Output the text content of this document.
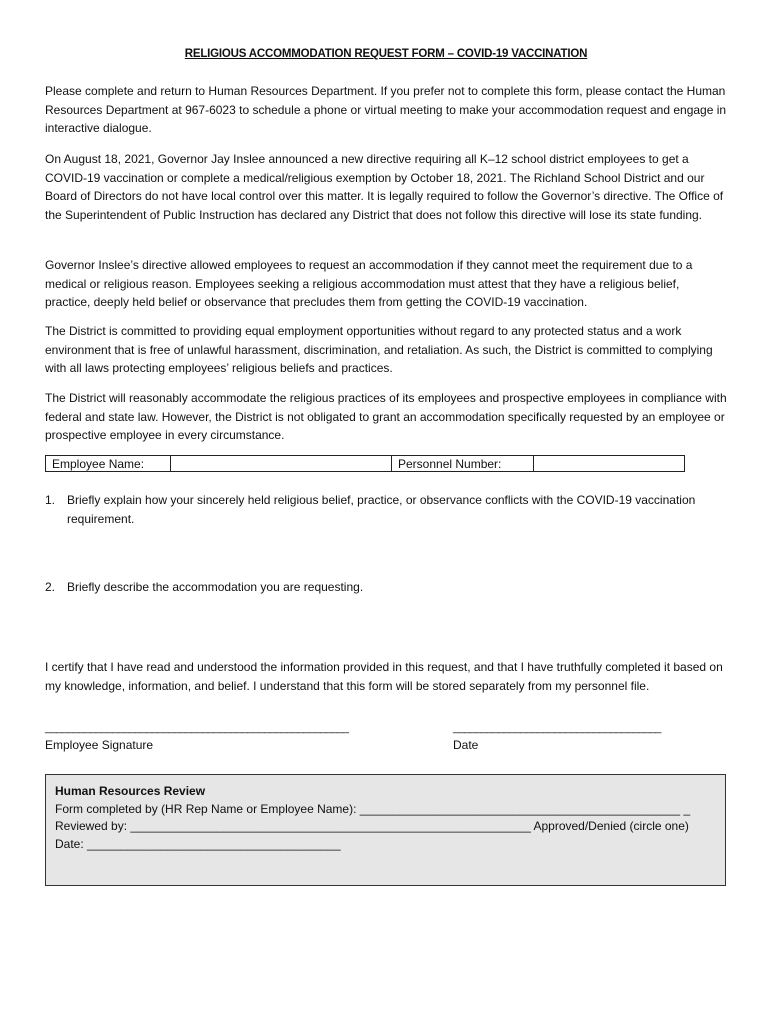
RELIGIOUS ACCOMMODATION REQUEST FORM – COVID-19 VACCINATION

Please complete and return to Human Resources Department. If you prefer not to complete this form, please contact the Human Resources Department at 967-6023 to schedule a phone or virtual meeting to make your accommodation request and engage in interactive dialogue.

On August 18, 2021, Governor Jay Inslee announced a new directive requiring all K–12 school district employees to get a COVID-19 vaccination or complete a medical/religious exemption by October 18, 2021. The Richland School District and our Board of Directors do not have local control over this matter. It is legally required to follow the Governor’s directive. The Office of the Superintendent of Public Instruction has declared any District that does not follow this directive will lose its state funding.

Governor Inslee’s directive allowed employees to request an accommodation if they cannot meet the requirement due to a medical or religious reason. Employees seeking a religious accommodation must attest that they have a religious belief, practice, deeply held belief or observance that precludes them from getting the COVID-19 vaccination.

The District is committed to providing equal employment opportunities without regard to any protected status and a work environment that is free of unlawful harassment, discrimination, and retaliation. As such, the District is committed to complying with all laws protecting employees’ religious beliefs and practices.

The District will reasonably accommodate the religious practices of its employees and prospective employees in compliance with federal and state law. However, the District is not obligated to grant an accommodation specifically requested by an employee or prospective employee in every circumstance.

Employee Name:	Personnel Number:
1. Briefly explain how your sincerely held religious belief, practice, or observance conflicts with the COVID-19 vaccination requirement.
2. Briefly describe the accommodation you are requesting.

I certify that I have read and understood the information provided in this request, and that I have truthfully completed it based on my knowledge, information, and belief. I understand that this form will be stored separately from my personnel file.

______________________________________________________	_____________________________________
Employee Signature	Date
Human Resources Review
Form completed by (HR Rep Name or Employee Name): ________________________________________________ _
Reviewed by: ____________________________________________________________ Approved/Denied (circle one)
Date: ______________________________________
